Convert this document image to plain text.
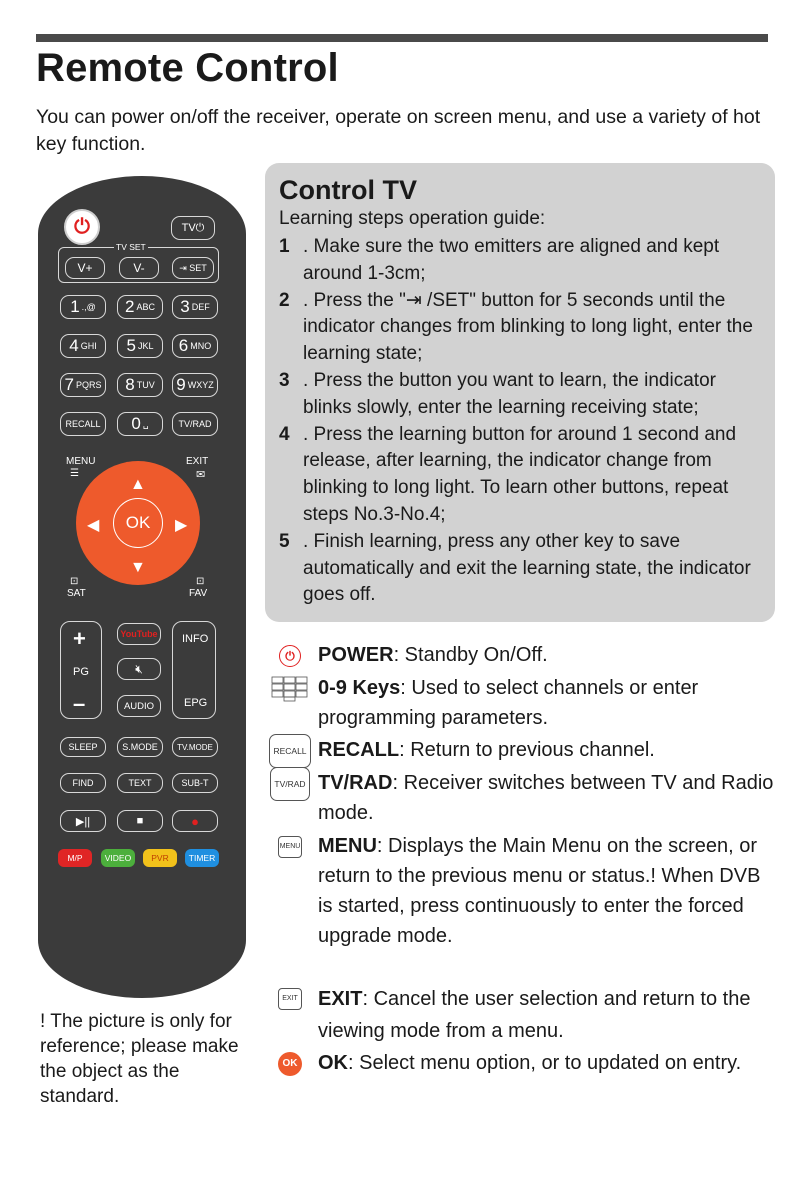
Remote Control

You can power on/off the receiver, operate on screen menu, and use a variety of hot key function.

⏻	TV⏻
TV SET
V+	V-	⇥ SET
1 .,@ 2 ABC 3 DEF
4 GHI 5 JKL 6 MNO
7 PQRS 8 TUV 9 WXYZ
RECALL	0 ␣	TV/RAD
MENU	EXIT
✉
☰
▲
▼
◀	▶
OK
⊡
SAT
⊡
FAV
+
PG
–
YouTube
🔇︎
AUDIO
INFO
EPG
SLEEP	S.MODE	TV.MODE
FIND	TEXT	SUB-T
▶||	■	●
M/P	VIDEO	PVR	TIMER
Control TV
Learning steps operation guide:
1 . Make sure the two emitters are aligned and kept around 1-3cm;
2 . Press the "⇥ /SET" button for 5 seconds until the indicator changes from blinking to long light, enter the learning state;
3 . Press the button you want to learn, the indicator blinks slowly, enter the learning receiving state;
4 . Press the learning button for around 1 second and release, after learning, the indicator change from blinking to long light. To learn other buttons, repeat steps No.3-No.4;
5 . Finish learning, press any other key to save automatically and exit the learning state, the indicator goes off.
⏻	POWER: Standby On/Off.
0-9 Keys: Used to select channels or enter programming parameters.
RECALL RECALL: Return to previous channel.
TV/RAD TV/RAD: Receiver switches between TV and Radio mode.
MENU MENU: Displays the Main Menu on the screen, or return to the previous menu or status.! When DVB is started, press continuously to enter the forced upgrade mode.
EXIT EXIT: Cancel the user selection and return to the viewing mode from a menu.
OK OK: Select menu option, or to updated on entry.

! The picture is only for reference; please make the object as the standard.
